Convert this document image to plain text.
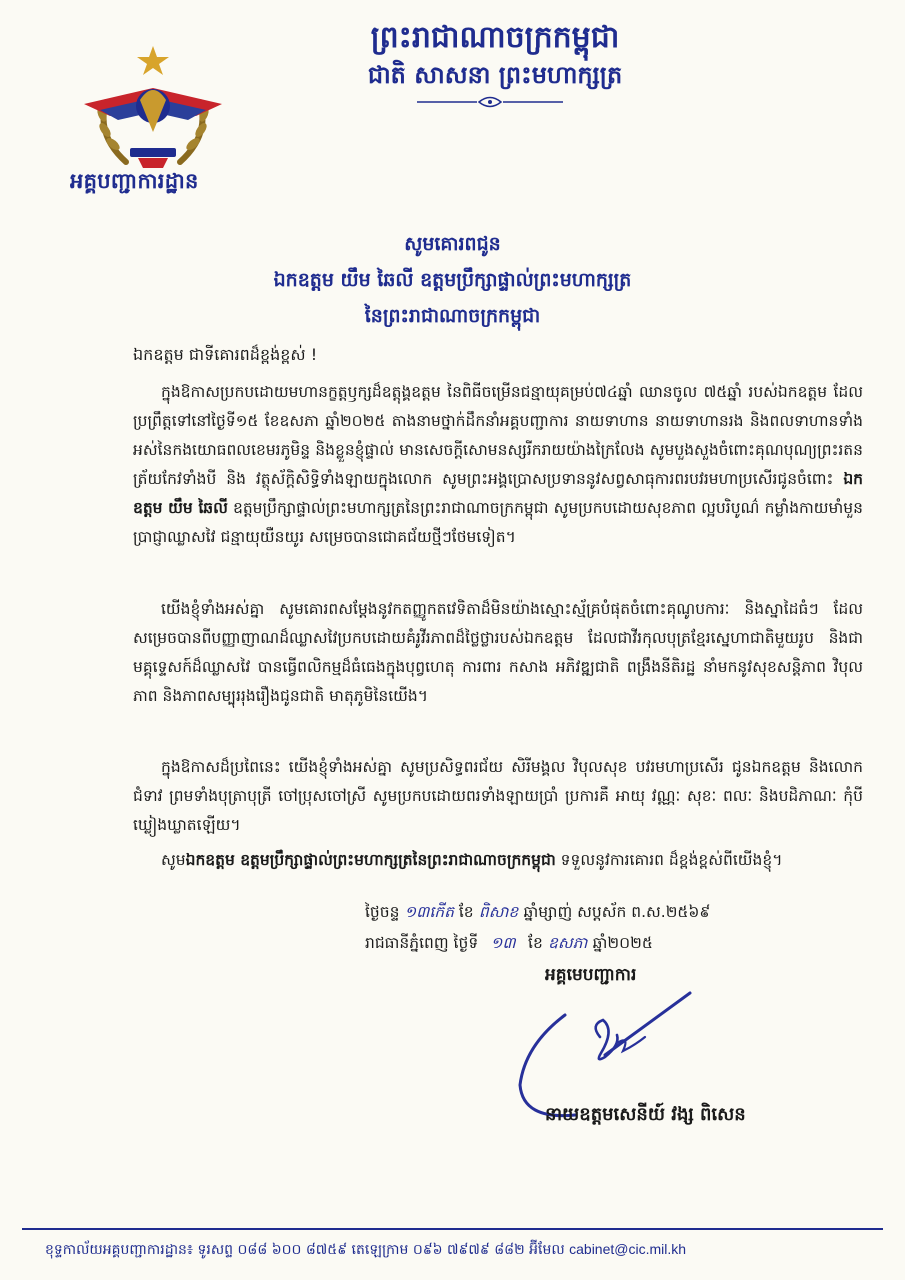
អគ្គបញ្ជាការដ្ឋាន
ព្រះរាជាណាចក្រកម្ពុជា
ជាតិ សាសនា ព្រះមហាក្សត្រ
សូមគោរពជូន
ឯកឧត្តម យឹម ឆៃលី ឧត្តមប្រឹក្សាផ្ទាល់ព្រះមហាក្សត្រ
នៃព្រះរាជាណាចក្រកម្ពុជា
ឯកឧត្តម ជាទីគោរពដ៏ខ្ពង់ខ្ពស់ !
ក្នុងឱកាសប្រកបដោយមហានក្ខត្តឫក្សដ៏ឧត្តុង្គឧត្តម នៃពិធីចម្រើនជន្មាយុគម្រប់៧៤ឆ្នាំ ឈានចូល ៧៥ឆ្នាំ របស់ឯកឧត្តម ដែលប្រព្រឹត្តទៅនៅថ្ងៃទី១៥ ខែឧសភា ឆ្នាំ២០២៥ តាងនាមថ្នាក់ដឹកនាំអគ្គបញ្ជាការ នាយទាហាន នាយទាហានរង និងពលទាហានទាំងអស់នៃកងយោធពលខេមរភូមិន្ទ និងខ្លួនខ្ញុំផ្ទាល់ មានសេចក្តីសោមនស្សរីករាយយ៉ាងក្រៃលែង សូមបួងសួងចំពោះគុណបុណ្យព្រះរតនត្រ័យកែវទាំងបី និង វត្ថុស័ក្តិសិទ្ធិទាំងឡាយក្នុងលោក សូមព្រះអង្គប្រោសប្រទាននូវសព្វសាធុការពរបវរមហាប្រសើរជូនចំពោះ ឯកឧត្តម យឹម ឆៃលី ឧត្តមប្រឹក្សាផ្ទាល់ព្រះមហាក្សត្រនៃព្រះរាជាណាចក្រកម្ពុជា សូមប្រកបដោយសុខភាព ល្អបរិបូណ៌ កម្លាំងកាយមាំមួន ប្រាជ្ញាឈ្លាសវៃ ជន្មាយុយឺនយូរ សម្រេចបានជោគជ័យថ្មីៗថែមទៀត។
យើងខ្ញុំទាំងអស់គ្នា សូមគោរពសម្តែងនូវកតញ្ញូកតវេទិតាដ៏មិនយ៉ាងស្មោះស្ម័គ្របំផុតចំពោះគុណូបការៈ និងស្នាដៃធំៗ ដែលសម្រេចបានពីបញ្ញាញាណដ៏ឈ្លាសវៃប្រកបដោយគំរូវីរភាពដ៏ថ្លៃថ្លារបស់ឯកឧត្តម ដែលជាវីរកុលបុត្រខ្មែរស្នេហាជាតិមួយរូប និងជាមគ្គុទ្ទេសក៍ដ៏ឈ្លាសវៃ បានធ្វើពលិកម្មដ៏ធំធេងក្នុងបុព្វហេតុ ការពារ កសាង អភិវឌ្ឍជាតិ ពង្រឹងនីតិរដ្ឋ នាំមកនូវសុខសន្តិភាព វិបុលភាព និងភាពសម្បុររុងរឿងជូនជាតិ មាតុភូមិនៃយើង។
ក្នុងឱកាសដ៏ប្រពៃនេះ យើងខ្ញុំទាំងអស់គ្នា សូមប្រសិទ្ធពរជ័យ សិរីមង្គល វិបុលសុខ បវរមហាប្រសើរ ជូនឯកឧត្តម និងលោកជំទាវ ព្រមទាំងបុត្រាបុត្រី ចៅប្រុសចៅស្រី សូមប្រកបដោយពរទាំងឡាយប្រាំ ប្រការគឺ អាយុ វណ្ណៈ សុខៈ ពលៈ និងបដិភាណៈ កុំបីឃ្លៀងឃ្លាតឡើយ។
សូមឯកឧត្តម ឧត្តមប្រឹក្សាផ្ទាល់ព្រះមហាក្សត្រនៃព្រះរាជាណាចក្រកម្ពុជា ទទួលនូវការគោរព ដ៏ខ្ពង់ខ្ពស់ពីយើងខ្ញុំ។
ថ្ងៃចន្ទ ១៣កើត ខែ ពិសាខ ឆ្នាំម្សាញ់ សប្តស័ក ព.ស.២៥៦៩
រាជធានីភ្នំពេញ ថ្ងៃទី ១៣ ខែ ឧសភា ឆ្នាំ២០២៥
អគ្គមេបញ្ជាការ
នាយឧត្តមសេនីយ៍ វង្ស ពិសេន
ខុទ្ទកាល័យអគ្គបញ្ជាការដ្ឋាន៖ ទូរសព្ទ ០៨៨ ៦០០ ៨៧៥៩ តេឡេក្រាម ០៩៦ ៧៩៧៩ ៨៨២ អ៊ីមែល cabinet@cic.mil.kh
